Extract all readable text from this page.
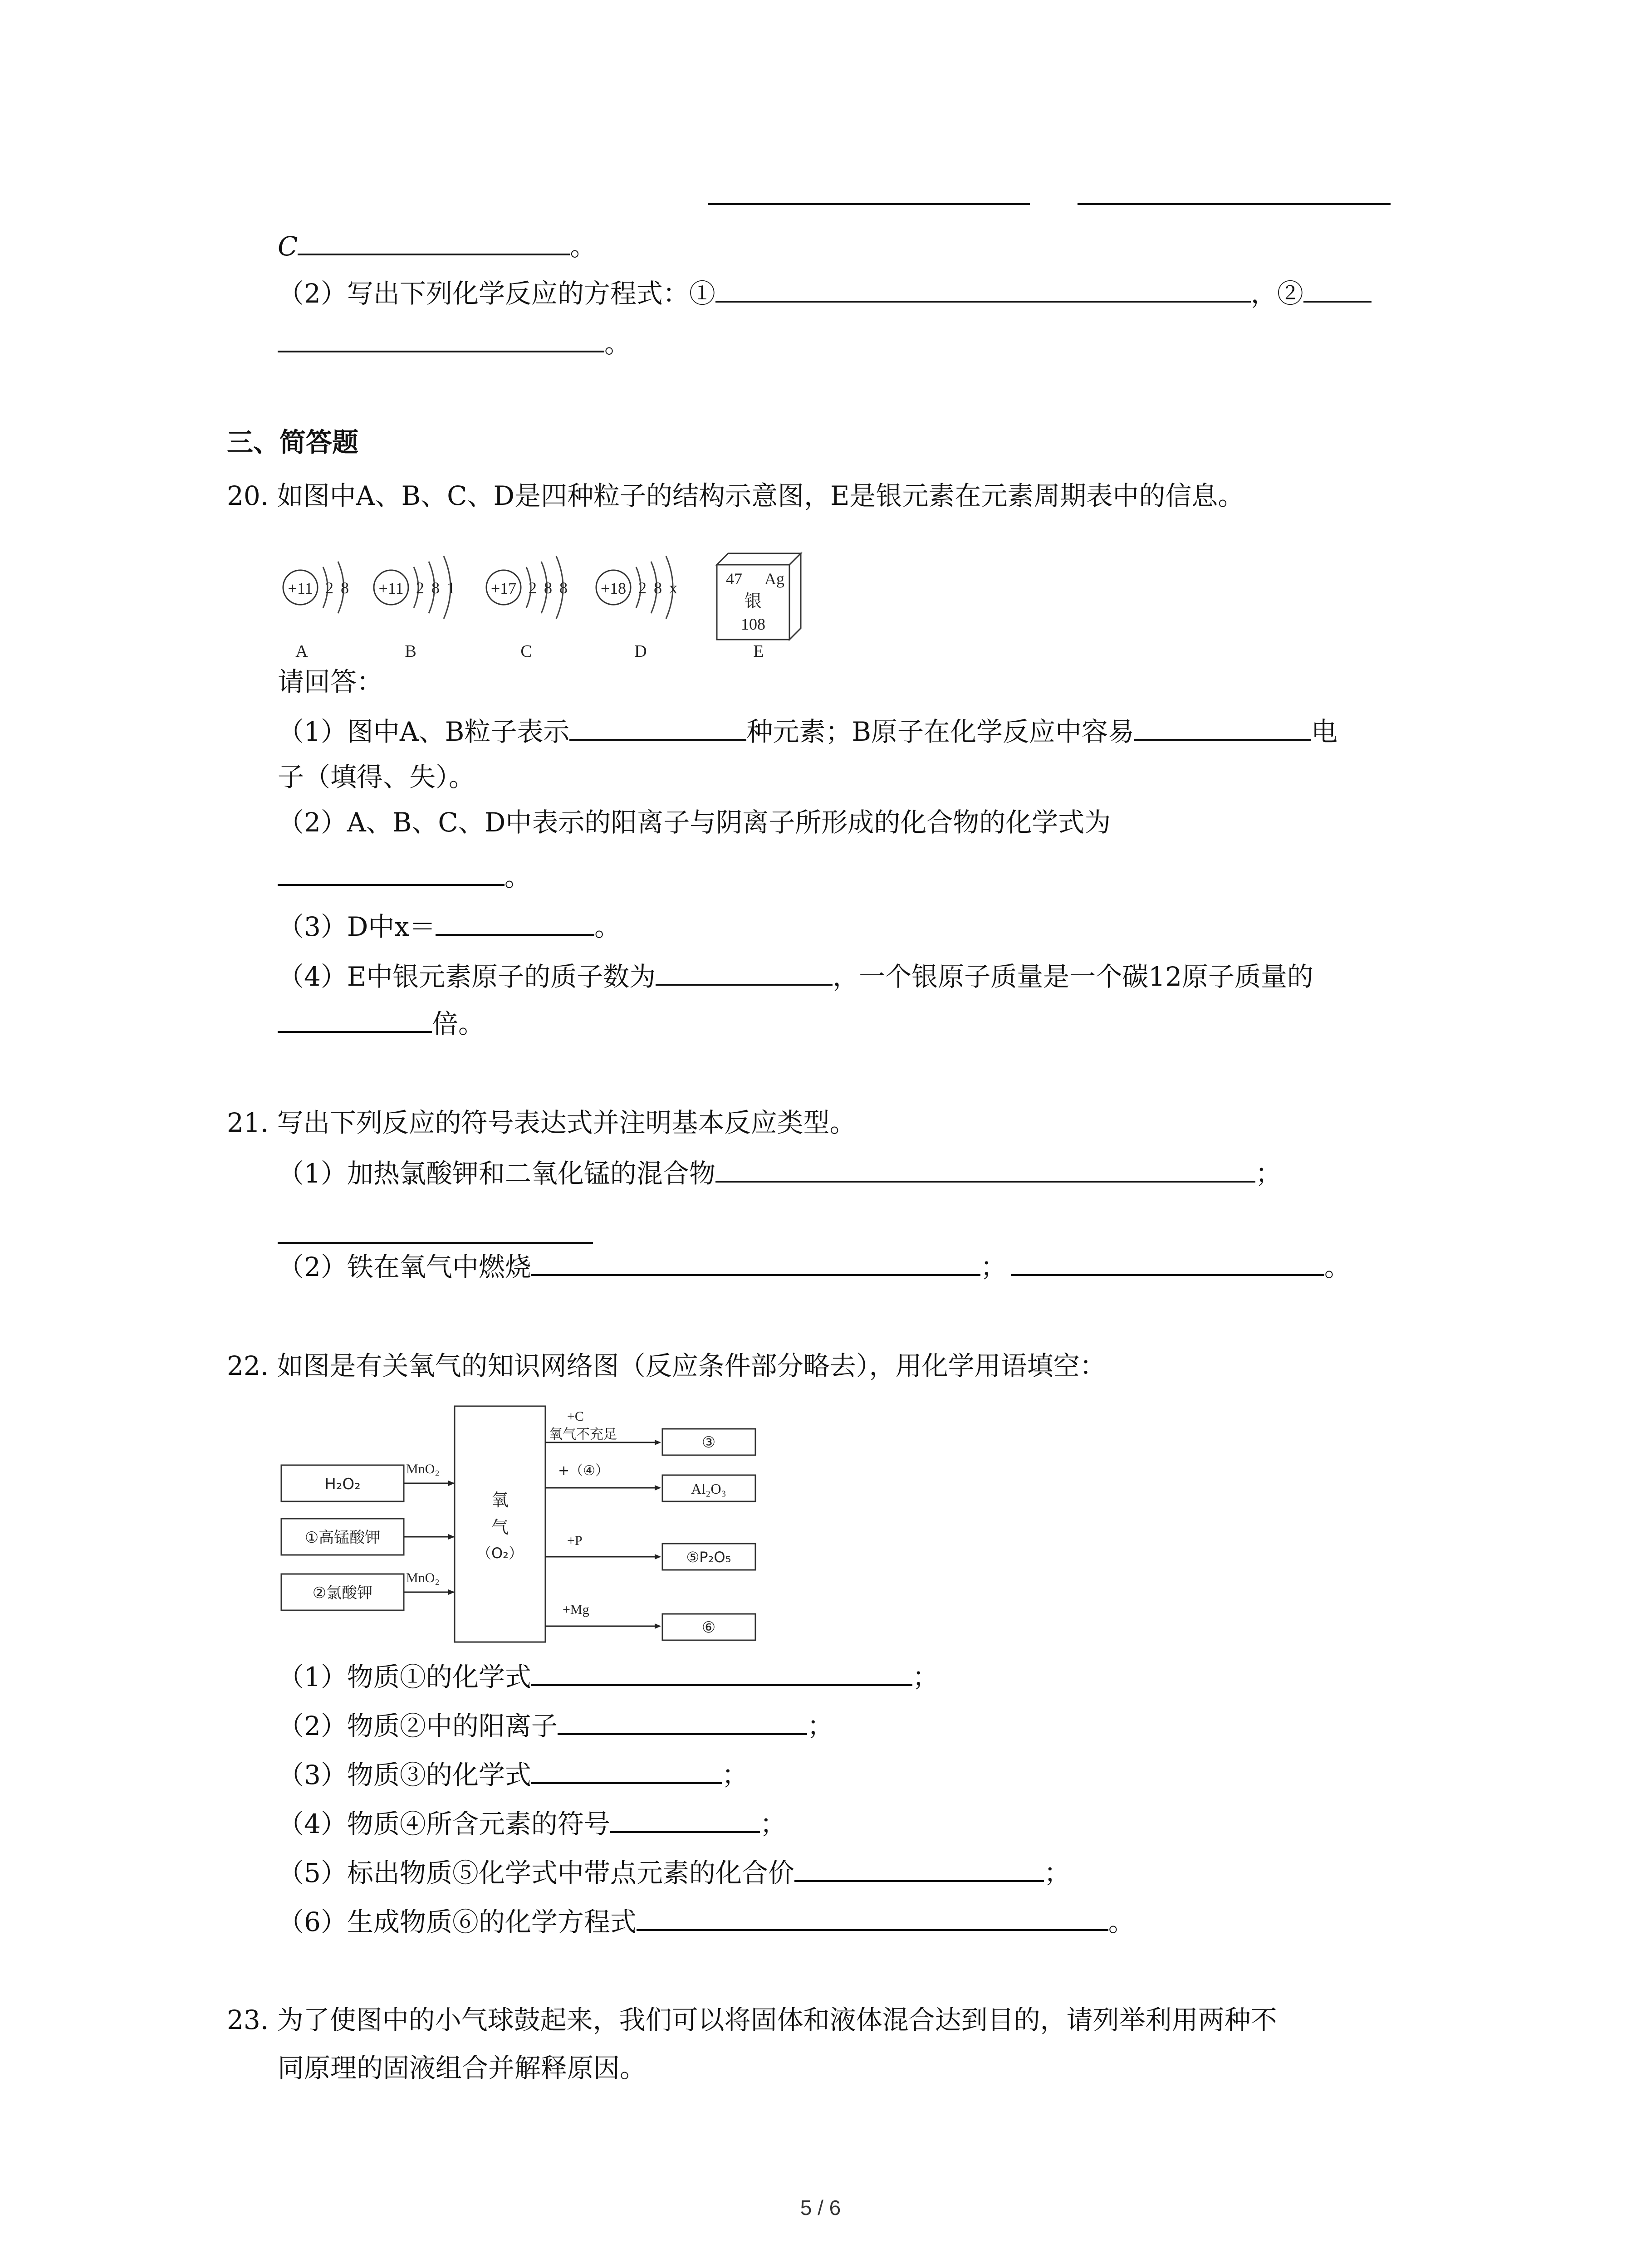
C	。
（2）写出下列化学反应的方程式：①	，②
。
三、简答题
20. 如图中A、B、C、D是四种粒子的结构示意图，E是银元素在元素周期表中的信息。
+11 2 8
A
+11 2 8 1
B
+17 2 8 8
C
+18 2 8 x
D
47 Ag
银
108
E
请回答：
（1）图中A、B粒子表示	种元素；B原子在化学反应中容易	电
子（填得、失）。
（2）A、B、C、D中表示的阳离子与阴离子所形成的化合物的化学式为
。
（3）D中x＝	。
（4）E中银元素原子的质子数为	，一个银原子质量是一个碳12原子质量的
倍。
21. 写出下列反应的符号表达式并注明基本反应类型。
（1）加热氯酸钾和二氧化锰的混合物	；
（2）铁在氧气中燃烧	；	。
22. 如图是有关氧气的知识网络图（反应条件部分略去），用化学用语填空：
H₂O₂
①高锰酸钾
②氯酸钾
MnO₂
MnO₂
氧
气
（O₂）
+C
氧气不充足
+（④）
+P
+Mg
③
Al₂O₃
⑤P₂O₅
⑥
（1）物质①的化学式	；
（2）物质②中的阳离子	；
（3）物质③的化学式	；
（4）物质④所含元素的符号	；
（5）标出物质⑤化学式中带点元素的化合价	；
（6）生成物质⑥的化学方程式	。
23. 为了使图中的小气球鼓起来，我们可以将固体和液体混合达到目的，请列举利用两种不
同原理的固液组合并解释原因。
5 / 6
